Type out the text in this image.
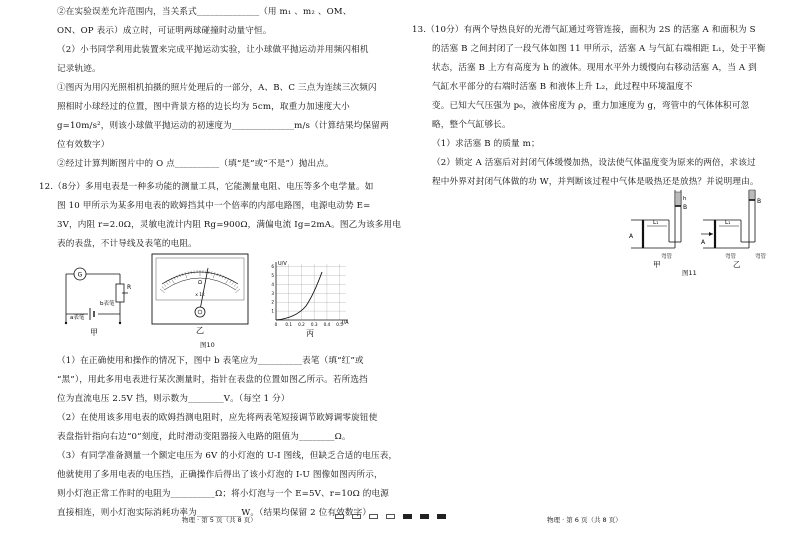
②在实验误差允许范围内，当关系式______________（用 m₁ 、m₂ 、OM、
ON、OP 表示）成立时，可证明两球碰撞时动量守恒。
（2）小书同学利用此装置来完成平抛运动实验，让小球做平抛运动并用频闪相机
记录轨迹。
①图丙为用闪光照相机拍摄的照片处理后的一部分，A、B、C 三点为连续三次频闪
照相时小球经过的位置，图中背景方格的边长均为 5cm，取重力加速度大小
g=10m/s²，则该小球做平抛运动的初速度为______________m/s（计算结果均保留两
位有效数字）
②经过计算判断图片中的 O 点__________（填“是”或“不是”）抛出点。
12.（8分）多用电表是一种多功能的测量工具，它能测量电阻、电压等多个电学量。如
图 10 甲所示为某多用电表的欧姆挡其中一个倍率的内部电路图，电源电动势 E=
3V，内阻 r=2.0Ω，灵敏电流计内阻 Rg=900Ω，满偏电流 Ig=2mA。图乙为该多用电
表的表盘，不计导线及表笔的电阻。
G
R
a表笔
b表笔
甲
Ω
x 1k
乙
U/V
I/A
0 0.1 0.2 0.3 0.4 0.5
1
2
3
4
5
6
丙
图10
（1）在正确使用和操作的情况下，图中 b 表笔应为__________表笔（填“红”或
“黑”），用此多用电表进行某次测量时，指针在表盘的位置如图乙所示。若所选挡
位为直流电压 2.5V 挡，则示数为________V。（每空 1 分）
（2）在使用该多用电表的欧姆挡测电阻时，应先将两表笔短接调节欧姆调零旋钮使
表盘指针指向右边“0”刻度，此时滑动变阻器接入电路的阻值为________Ω。
（3）有同学准备测量一个额定电压为 6V 的小灯泡的 U-I 图线，但缺乏合适的电压表，
他就使用了多用电表的电压挡，正确操作后得出了该小灯泡的 I-U 图像如图丙所示，
则小灯泡正常工作时的电阻为__________Ω；将小灯泡与一个 E=5V、r=10Ω 的电源
直接相连，则小灯泡实际消耗功率为__________W。（结果均保留 2 位有效数字）
物理 · 第 5 页（共 8 页）
13.（10分）有两个导热良好的光滑气缸通过弯管连接，面积为 2S 的活塞 A 和面积为 S
的活塞 B 之间封闭了一段气体如图 11 甲所示，活塞 A 与气缸右端相距 L₁，处于平衡
状态，活塞 B 上方有高度为 h 的液体。现用水平外力缓慢向右移动活塞 A，当 A 到
气缸水平部分的右端时活塞 B 和液体上升 L₂，此过程中环境温度不
变。已知大气压强为 p₀，液体密度为 ρ，重力加速度为 g，弯管中的气体体积可忽
略，整个气缸够长。
（1）求活塞 B 的质量 m；
（2）锁定 A 活塞后对封闭气体缓慢加热，设法使气体温度变为原来的两倍，求该过
程中外界对封闭气体做的功 W，并判断该过程中气体是吸热还是放热？并说明理由。
A
L₁
B
h
弯管
甲
A
L₁
B
弯管	弯管
乙
图11
物理 · 第 6 页（共 8 页）
